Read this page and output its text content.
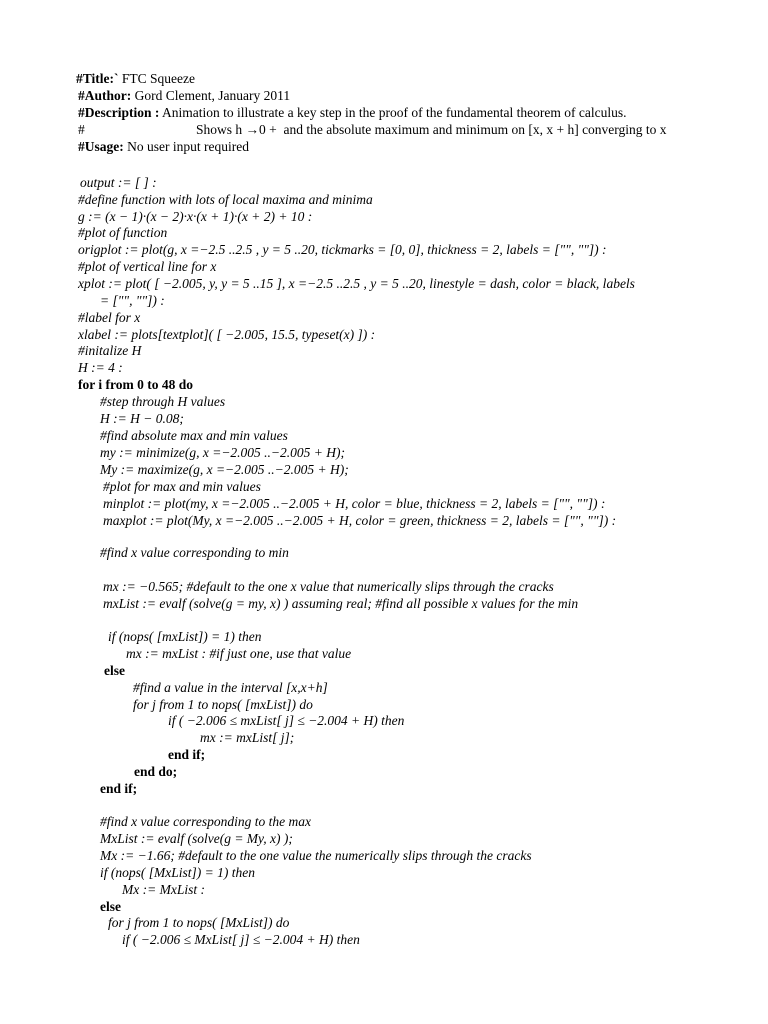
#Title:` FTC Squeeze
#Author: Gord Clement, January 2011
#Description : Animation to illustrate a key step in the proof of the fundamental theorem of calculus.
#	Shows h →0 +  and the absolute maximum and minimum on [x, x + h] converging to x
#Usage: No user input required
output := [ ] :
#define function with lots of local maxima and minima
g := (x − 1)·(x − 2)·x·(x + 1)·(x + 2) + 10 :
#plot of function
origplot := plot(g, x =−2.5 ..2.5 , y = 5 ..20, tickmarks = [0, 0], thickness = 2, labels = ["", ""]) :
#plot of vertical line for x
xplot := plot( [ −2.005, y, y = 5 ..15 ], x =−2.5 ..2.5 , y = 5 ..20, linestyle = dash, color = black, labels
= ["", ""]) :
#label for x
xlabel := plots[textplot]( [ −2.005, 15.5, typeset(x) ]) :
#initalize H
H := 4 :
for i from 0 to 48 do
#step through H values
H := H − 0.08;
#find absolute max and min values
my := minimize(g, x =−2.005 ..−2.005 + H);
My := maximize(g, x =−2.005 ..−2.005 + H);
#plot for max and min values
minplot := plot(my, x =−2.005 ..−2.005 + H, color = blue, thickness = 2, labels = ["", ""]) :
maxplot := plot(My, x =−2.005 ..−2.005 + H, color = green, thickness = 2, labels = ["", ""]) :
#find x value corresponding to min
mx := −0.565; #default to the one x value that numerically slips through the cracks
mxList := evalf (solve(g = my, x) ) assuming real; #find all possible x values for the min
if (nops( [mxList]) = 1) then
mx := mxList : #if just one, use that value
else
#find a value in the interval [x,x+h]
for j from 1 to nops( [mxList]) do
if ( −2.006 ≤ mxList[ j] ≤ −2.004 + H) then
mx := mxList[ j];
end if;
end do;
end if;
#find x value corresponding to the max
MxList := evalf (solve(g = My, x) );
Mx := −1.66; #default to the one value the numerically slips through the cracks
if (nops( [MxList]) = 1) then
Mx := MxList :
else
for j from 1 to nops( [MxList]) do
if ( −2.006 ≤ MxList[ j] ≤ −2.004 + H) then
